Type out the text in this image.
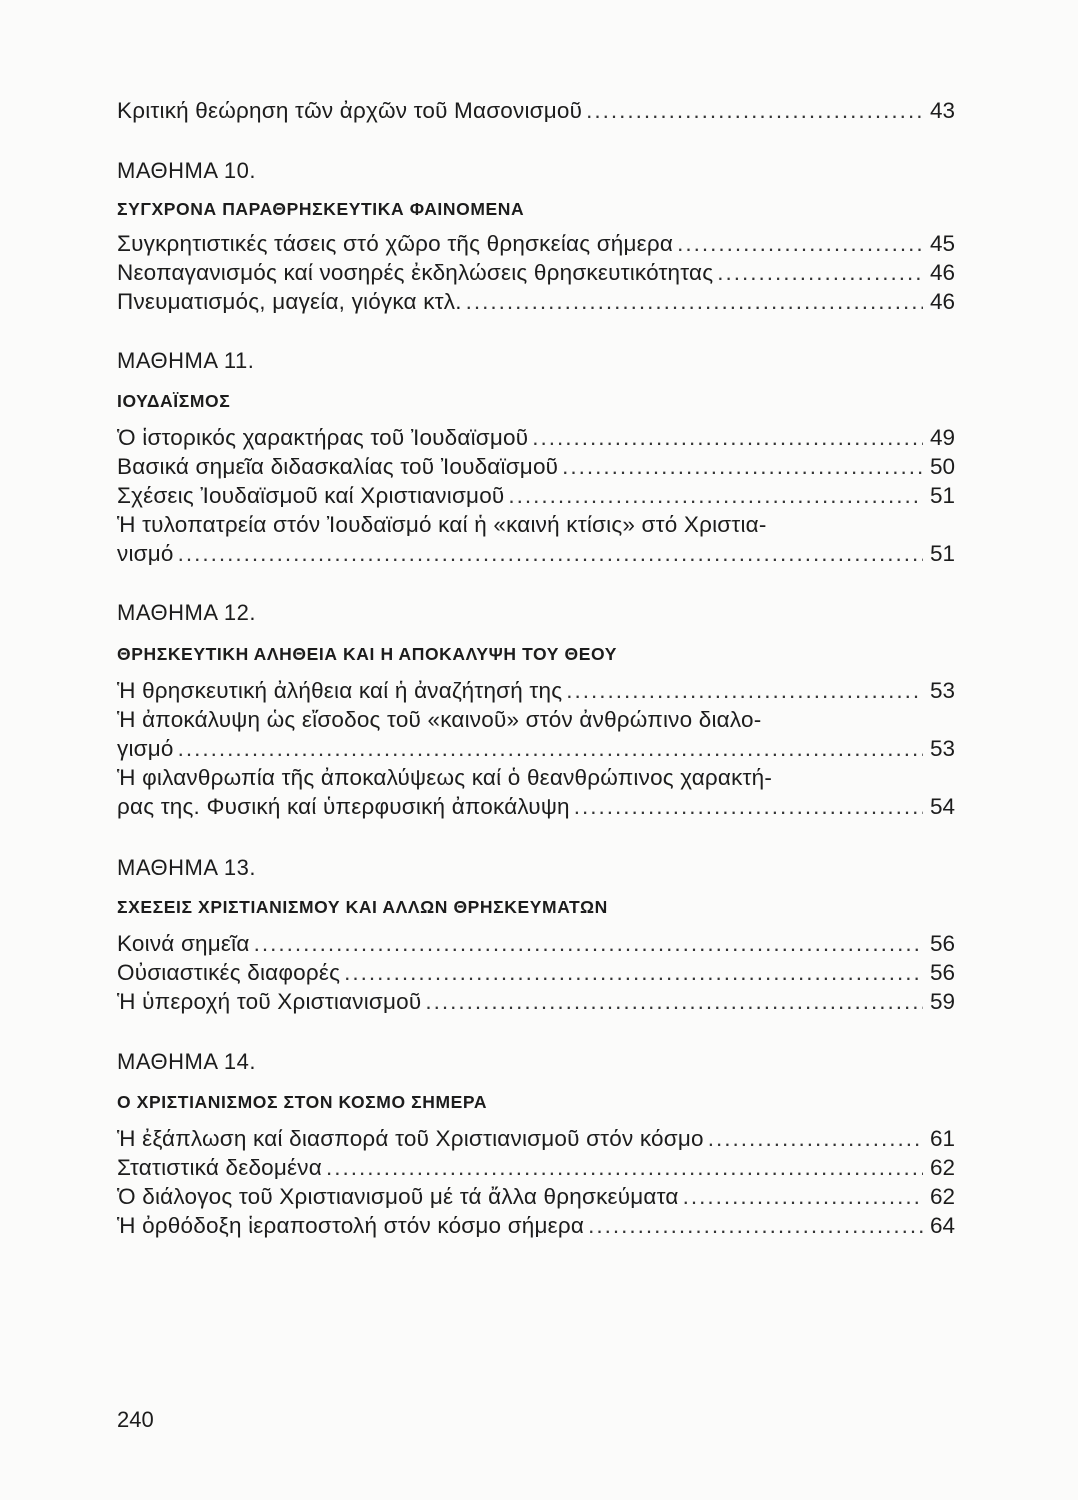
Κριτική θεώρηση τῶν ἀρχῶν τοῦ Μασονισμοῦ .....	43
ΜΑΘΗΜΑ 10.
ΣΥΓΧΡΟΝΑ ΠΑΡΑΘΡΗΣΚΕΥΤΙΚΑ ΦΑΙΝΟΜΕΝΑ
Συγκρητιστικές τάσεις στό χῶρο τῆς θρησκείας σήμερα .....	45
Νεοπαγανισμός καί νοσηρές ἐκδηλώσεις θρησκευτικότητας .....	46
Πνευματισμός, μαγεία, γιόγκα κτλ. .....	46
ΜΑΘΗΜΑ 11.
ΙΟΥΔΑΪΣΜΟΣ
Ὁ ἱστορικός χαρακτήρας τοῦ Ἰουδαϊσμοῦ .....	49
Βασικά σημεῖα διδασκαλίας τοῦ Ἰουδαϊσμοῦ .....	50
Σχέσεις Ἰουδαϊσμοῦ καί Χριστιανισμοῦ .....	51
Ἡ τυλοπατρεία στόν Ἰουδαϊσμό καί ἡ «καινή κτίσις» στό Χριστια-
νισμό .....	51
ΜΑΘΗΜΑ 12.
ΘΡΗΣΚΕΥΤΙΚΗ ΑΛΗΘΕΙΑ ΚΑΙ Η ΑΠΟΚΑΛΥΨΗ ΤΟΥ ΘΕΟΥ
Ἡ θρησκευτική ἀλήθεια καί ἡ ἀναζήτησή της .....	53
Ἡ ἀποκάλυψη ὡς εἴσοδος τοῦ «καινοῦ» στόν ἀνθρώπινο διαλο-
γισμό .....	53
Ἡ φιλανθρωπία τῆς ἀποκαλύψεως καί ὁ θεανθρώπινος χαρακτή-
ρας της. Φυσική καί ὑπερφυσική ἀποκάλυψη .....	54
ΜΑΘΗΜΑ 13.
ΣΧΕΣΕΙΣ ΧΡΙΣΤΙΑΝΙΣΜΟΥ ΚΑΙ ΑΛΛΩΝ ΘΡΗΣΚΕΥΜΑΤΩΝ
Κοινά σημεῖα .....	56
Οὐσιαστικές διαφορές .....	56
Ἡ ὑπεροχή τοῦ Χριστιανισμοῦ .....	59
ΜΑΘΗΜΑ 14.
Ο ΧΡΙΣΤΙΑΝΙΣΜΟΣ ΣΤΟΝ ΚΟΣΜΟ ΣΗΜΕΡΑ
Ἡ ἐξάπλωση καί διασπορά τοῦ Χριστιανισμοῦ στόν κόσμο .....	61
Στατιστικά δεδομένα .....	62
Ὁ διάλογος τοῦ Χριστιανισμοῦ μέ τά ἄλλα θρησκεύματα .....	62
Ἡ ὀρθόδοξη ἱεραποστολή στόν κόσμο σήμερα .....	64
240
